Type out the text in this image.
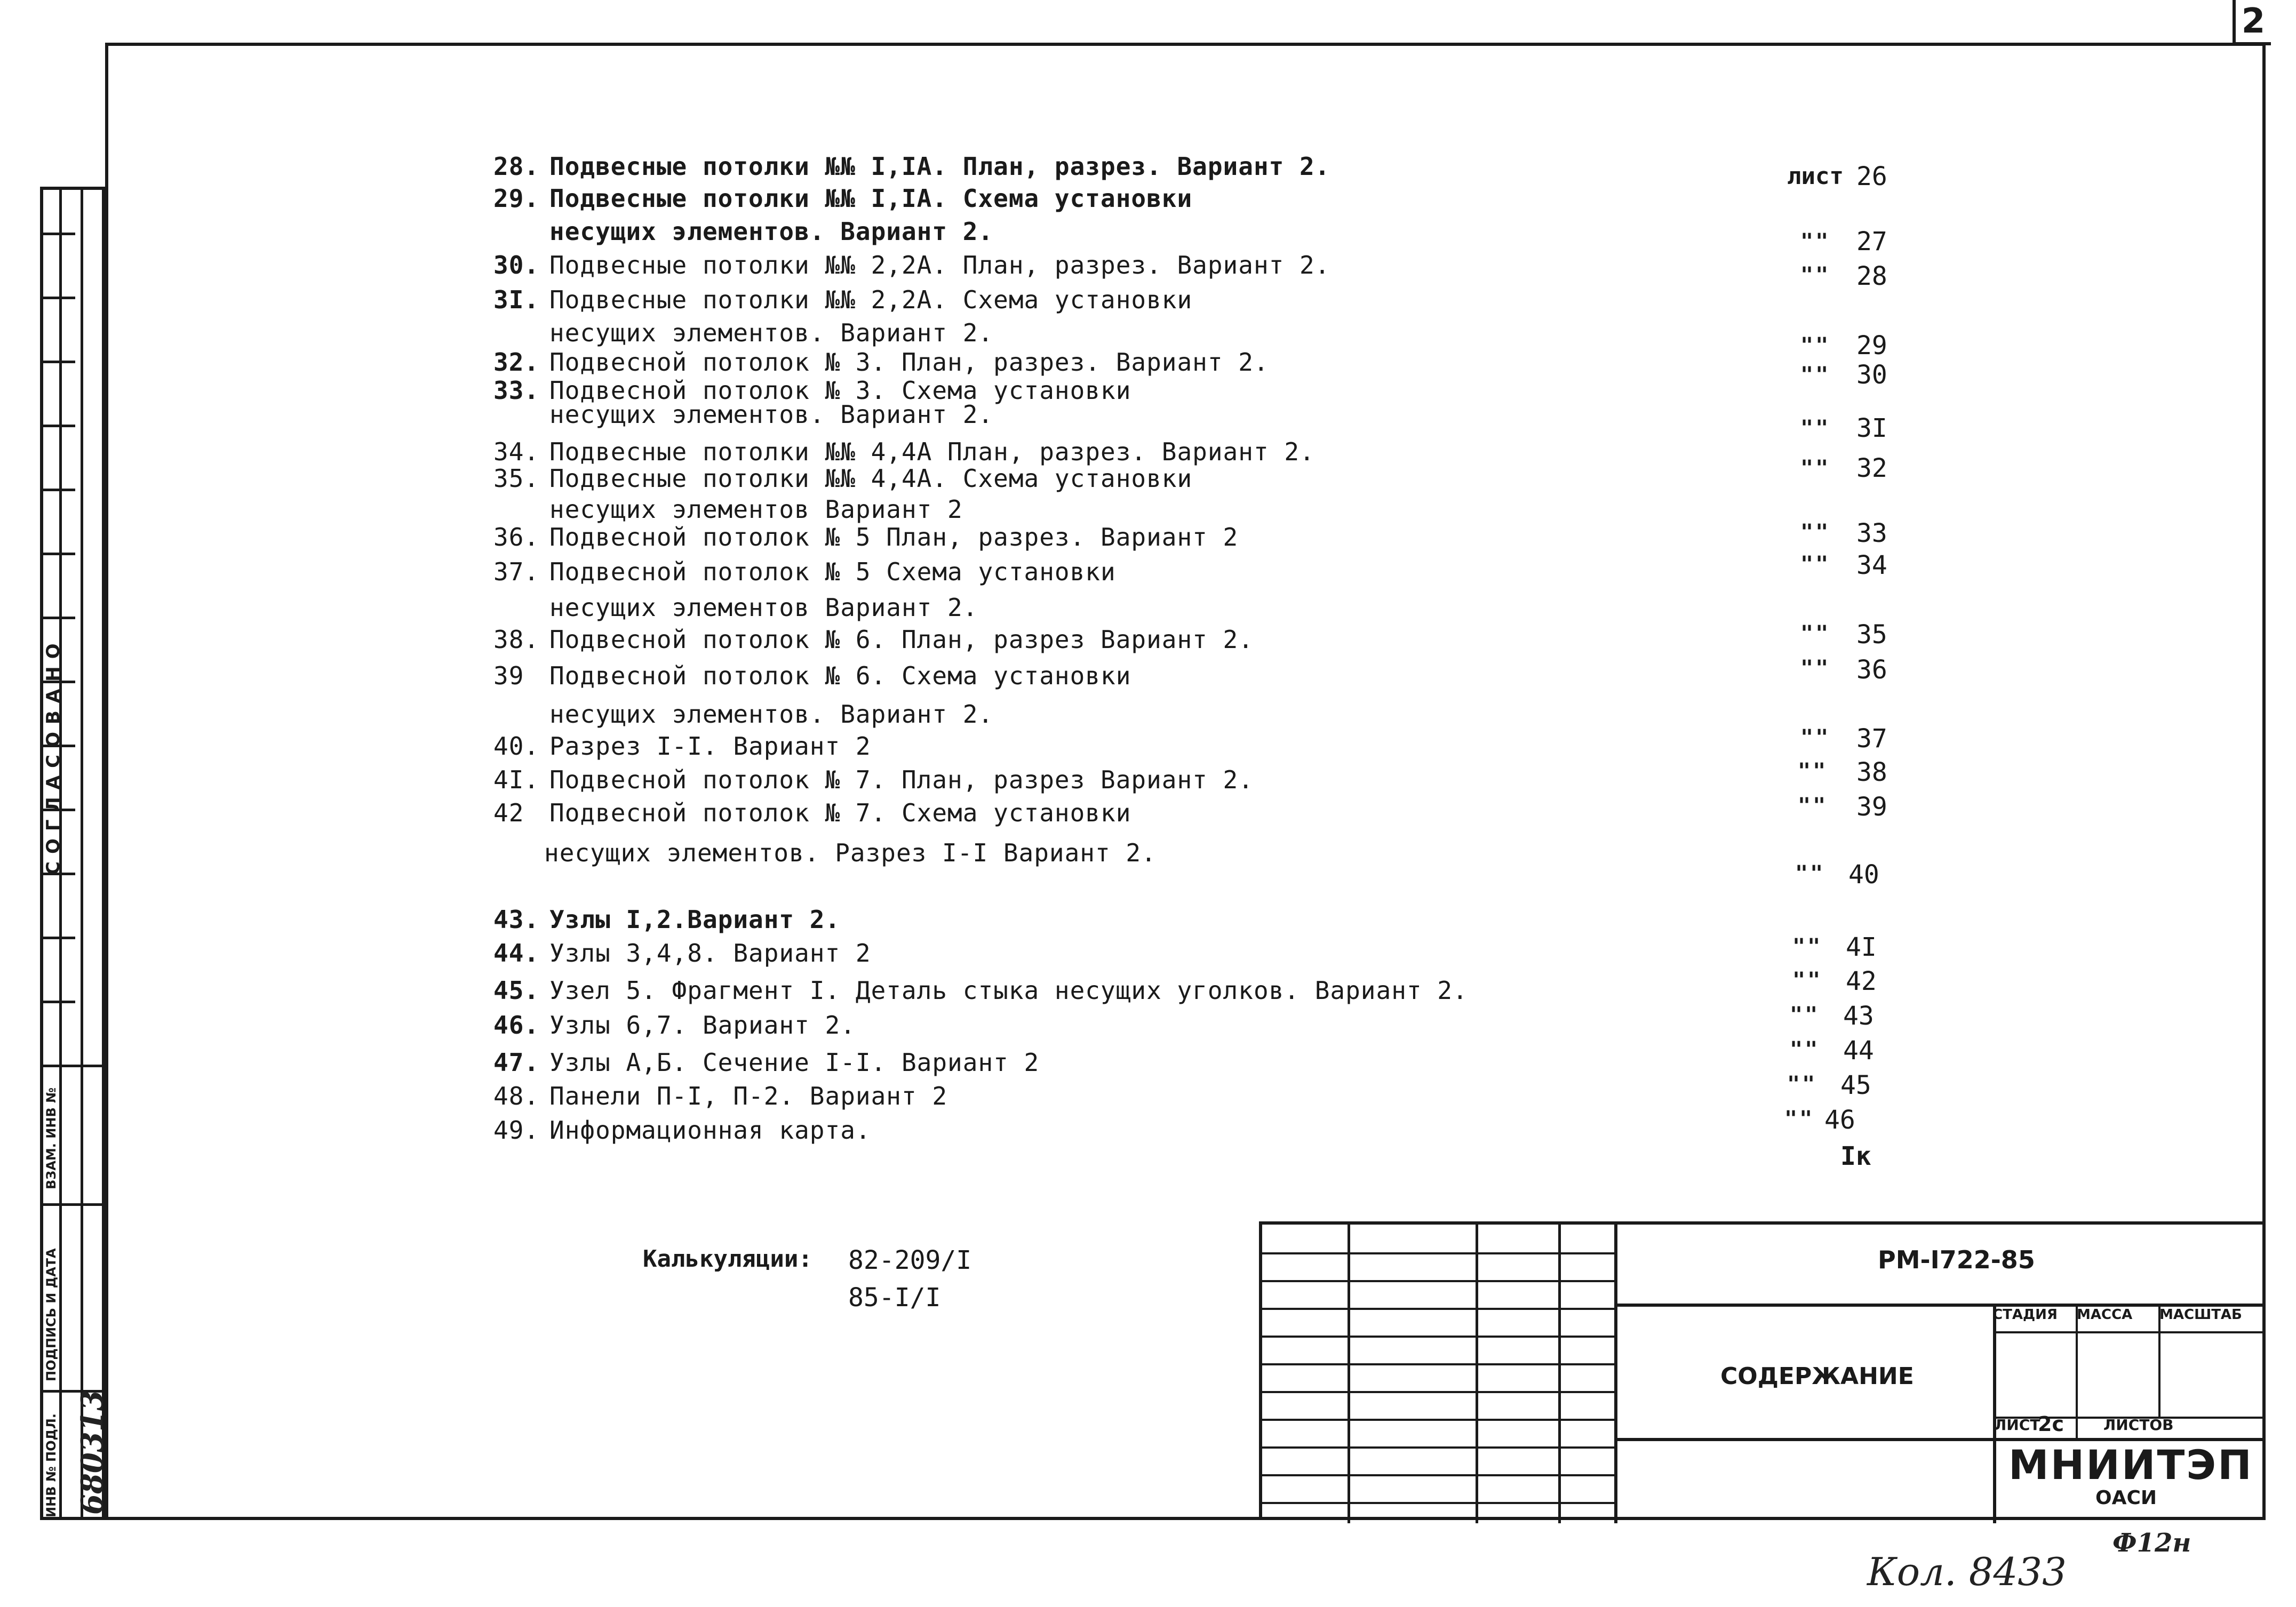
2
СОГЛАСОВАНО
ВЗАМ. ИНВ №
ПОДПИСЬ И ДАТА
ИНВ № ПОДЛ. 680313
28. Подвесные потолки №№ I,IA. План, разрез. Вариант 2.
29. Подвесные потолки №№ I,IA. Схема установки
несущих элементов. Вариант 2.
30. Подвесные потолки №№ 2,2А. План, разрез. Вариант 2.
3I. Подвесные потолки №№ 2,2А. Схема установки
несущих элементов. Вариант 2.
32. Подвесной потолок № 3. План, разрез. Вариант 2.
33. Подвесной потолок № 3. Схема установки
несущих элементов. Вариант 2.
34. Подвесные потолки №№ 4,4А План, разрез. Вариант 2.
35. Подвесные потолки №№ 4,4А. Схема установки
несущих элементов Вариант 2
36. Подвесной потолок № 5 План, разрез. Вариант 2
37. Подвесной потолок № 5 Схема установки
несущих элементов Вариант 2.
38. Подвесной потолок № 6. План, разрез Вариант 2.
39 Подвесной потолок № 6. Схема установки
несущих элементов. Вариант 2.
40. Разрез I-I. Вариант 2
4I. Подвесной потолок № 7. План, разрез Вариант 2.
42 Подвесной потолок № 7. Схема установки
несущих элементов. Разрез I-I Вариант 2.
43. Узлы I,2.Вариант 2.
44. Узлы 3,4,8. Вариант 2
45. Узел 5. Фрагмент I. Деталь стыка несущих уголков. Вариант 2.
46. Узлы 6,7. Вариант 2.
47. Узлы А,Б. Сечение I-I. Вариант 2
48. Панели П-I, П-2. Вариант 2
49. Информационная карта.
лист 26
"" 27
"" 28
"" 29
"" 30
"" 3I
"" 32
"" 33
"" 34
"" 35
"" 36
"" 37
"" 38
"" 39
"" 40
"" 4I
"" 42
"" 43
"" 44
"" 45
"" 46
Iк
Калькуляции: 82-209/I
85-I/I
РМ-I722-85
СОДЕРЖАНИЕ
СТАДИЯ МАССА МАСШТАБ
ЛИСТ
2с	ЛИСТОВ
МНИИТЭП
ОАСИ
Ф12н
Кол. 8433
